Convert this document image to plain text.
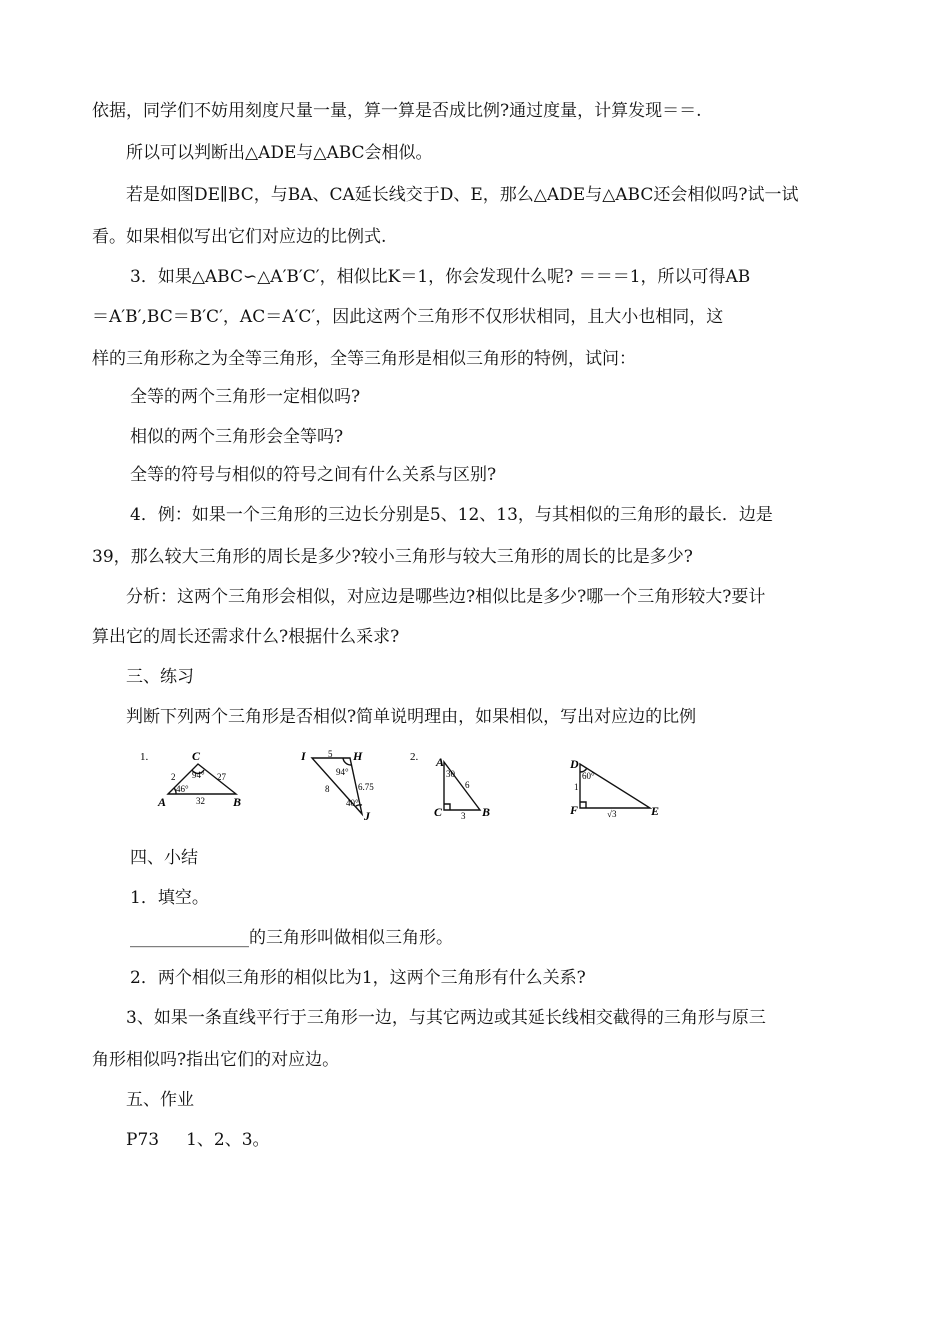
依据，同学们不妨用刻度尺量一量，算一算是否成比例?通过度量，计算发现＝＝.
所以可以判断出△ADE与△ABC会相似。
若是如图DE∥BC，与BA、CA延长线交于D、E，那么△ADE与△ABC还会相似吗?试一试
看。如果相似写出它们对应边的比例式.
3．如果△ABC∽△A′B′C′，相似比K＝1，你会发现什么呢? ＝＝＝1，所以可得AB
＝A′B′,BC＝B′C′，AC＝A′C′，因此这两个三角形不仅形状相同，且大小也相同，这
样的三角形称之为全等三角形，全等三角形是相似三角形的特例，试问：
全等的两个三角形一定相似吗?
相似的两个三角形会全等吗?
全等的符号与相似的符号之间有什么关系与区别?
4．例：如果一个三角形的三边长分别是5、12、13，与其相似的三角形的最长．边是
39，那么较大三角形的周长是多少?较小三角形与较大三角形的周长的比是多少?
分析：这两个三角形会相似，对应边是哪些边?相似比是多少?哪一个三角形较大?要计
算出它的周长还需求什么?根据什么采求?
三、练习
判断下列两个三角形是否相似?简单说明理由，如果相似，写出对应边的比例
1.
A	B
C
2	27
32
94°
46°
I	H
J
5
8	6.75
94°
40°
2. A
C	B
6
3
30
D
F	E
1
√3
60°
四、小结
1．填空。
______________的三角形叫做相似三角形。
2．两个相似三角形的相似比为1，这两个三角形有什么关系?
3、如果一条直线平行于三角形一边，与其它两边或其延长线相交截得的三角形与原三
角形相似吗?指出它们的对应边。
五、作业
P73     1、2、3。
